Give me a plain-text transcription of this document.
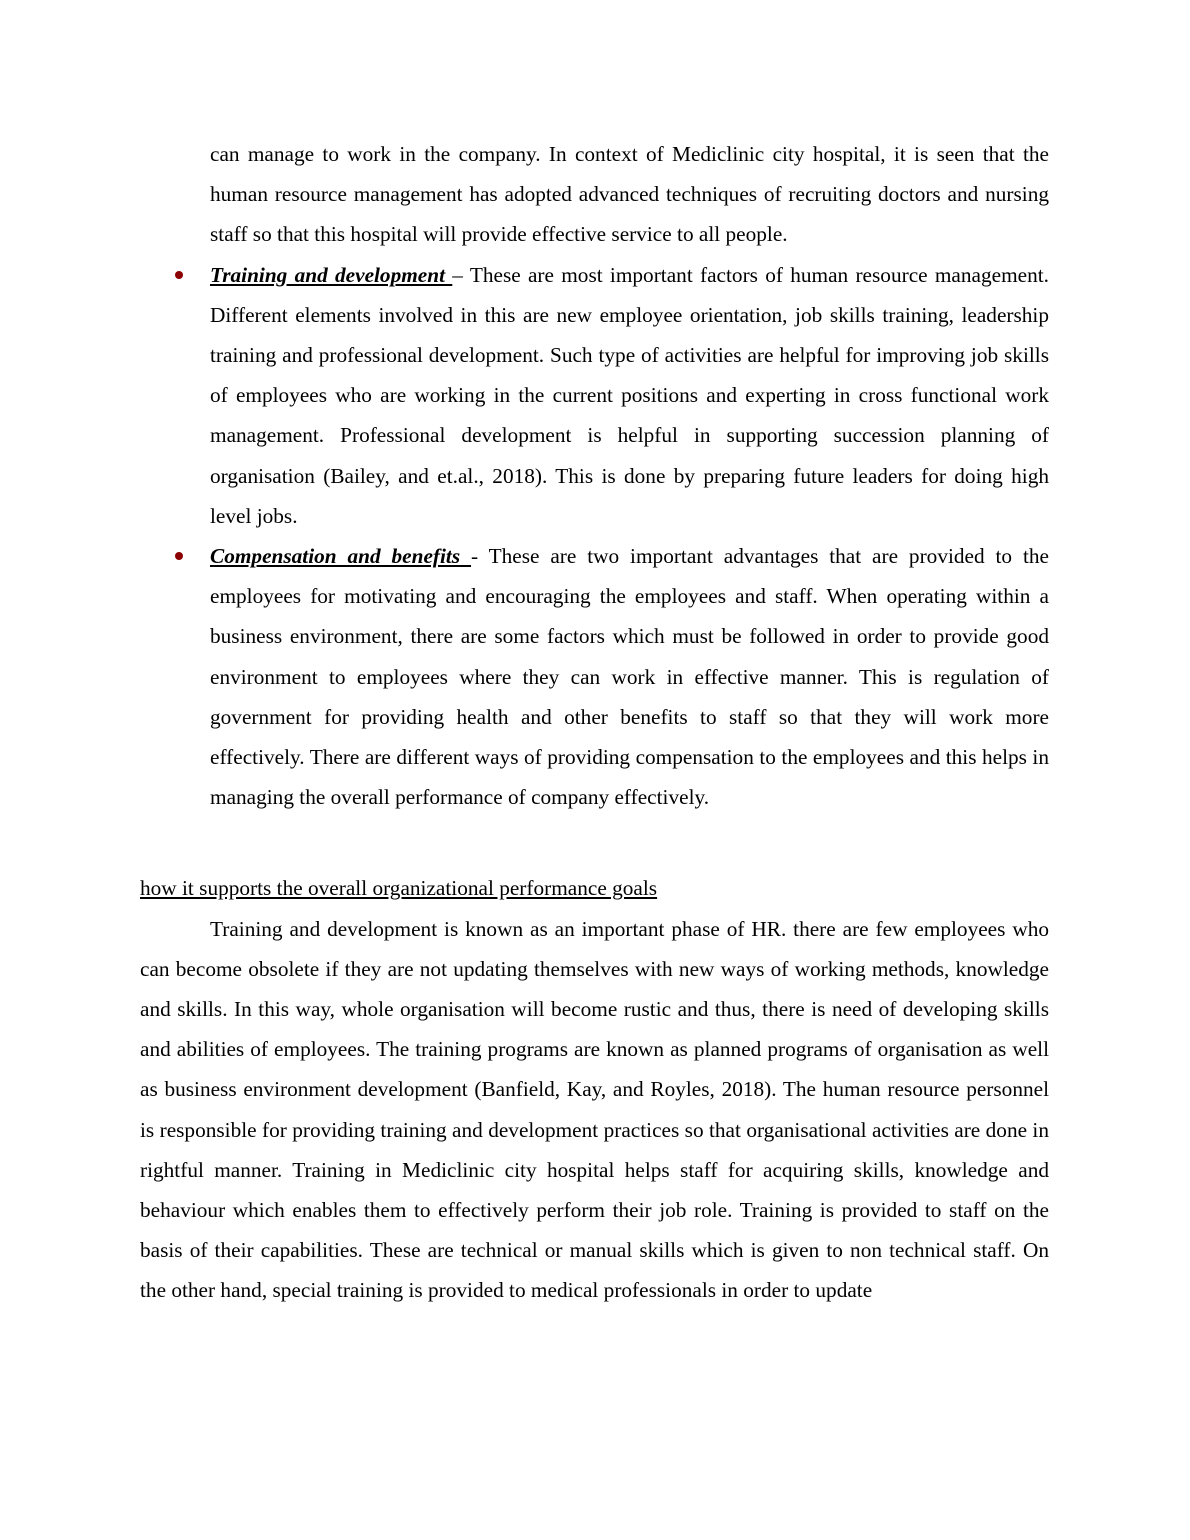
can manage to work in the company. In context of Mediclinic city hospital, it is seen that the human resource management has adopted advanced techniques of recruiting doctors and nursing staff so that this hospital will provide effective service to all people.

Training and development – These are most important factors of human resource management. Different elements involved in this are new employee orientation, job skills training, leadership training and professional development. Such type of activities are helpful for improving job skills of employees who are working in the current positions and experting in cross functional work management. Professional development is helpful in supporting succession planning of organisation (Bailey, and et.al., 2018). This is done by preparing future leaders for doing high level jobs.
Compensation and benefits - These are two important advantages that are provided to the employees for motivating and encouraging the employees and staff. When operating within a business environment, there are some factors which must be followed in order to provide good environment to employees where they can work in effective manner. This is regulation of government for providing health and other benefits to staff so that they will work more effectively. There are different ways of providing compensation to the employees and this helps in managing the overall performance of company effectively.

how it supports the overall organizational performance goals

Training and development is known as an important phase of HR. there are few employees who can become obsolete if they are not updating themselves with new ways of working methods, knowledge and skills. In this way, whole organisation will become rustic and thus, there is need of developing skills and abilities of employees. The training programs are known as planned programs of organisation as well as business environment development (Banfield, Kay, and Royles, 2018). The human resource personnel is responsible for providing training and development practices so that organisational activities are done in rightful manner. Training in Mediclinic city hospital helps staff for acquiring skills, knowledge and behaviour which enables them to effectively perform their job role. Training is provided to staff on the basis of their capabilities. These are technical or manual skills which is given to non technical staff. On the other hand, special training is provided to medical professionals in order to update
